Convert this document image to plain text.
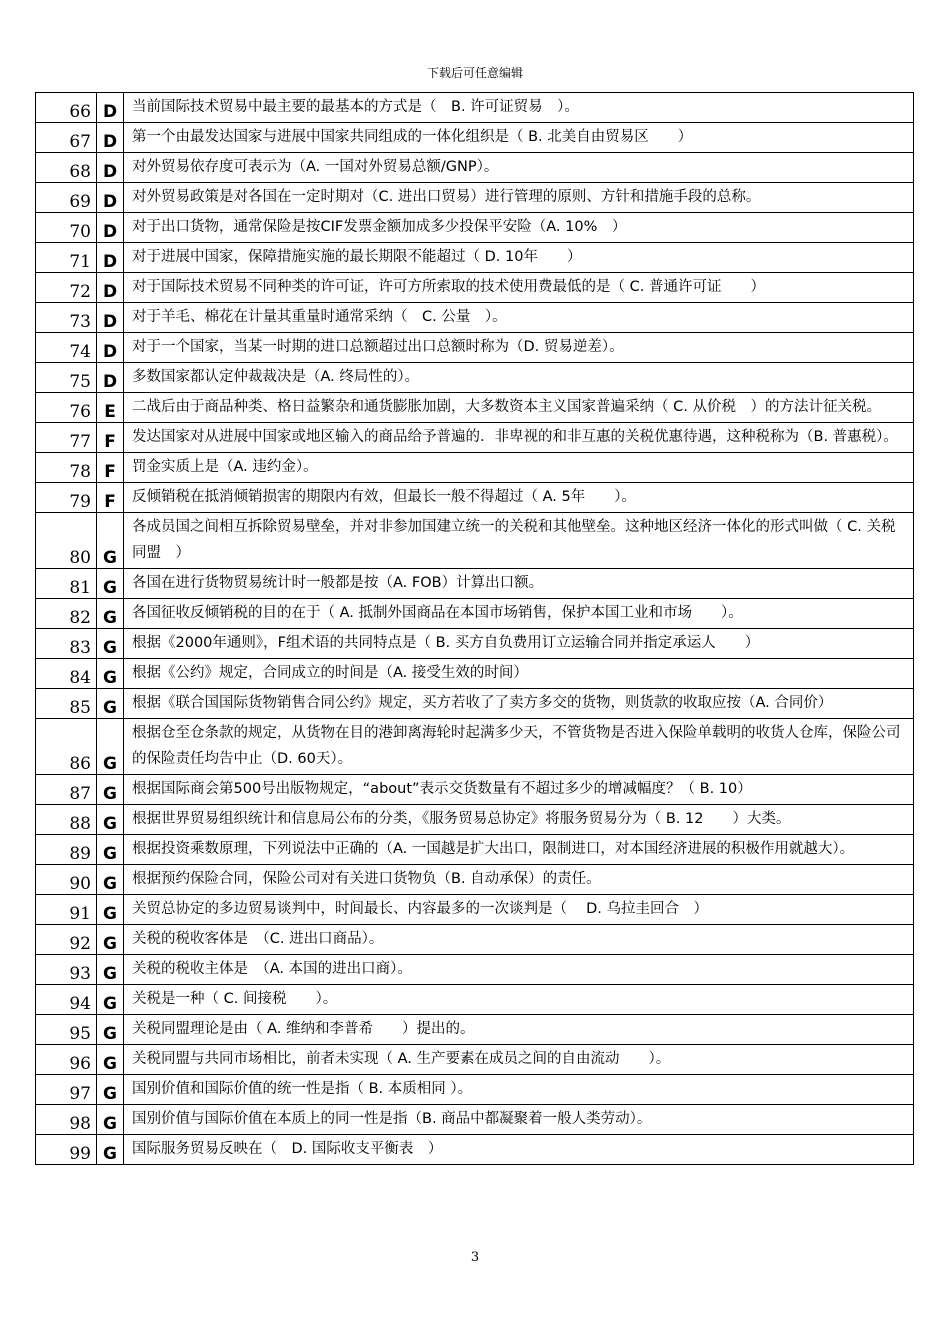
下载后可任意编辑
66	D	当前国际技术贸易中最主要的最基本的方式是（　B. 许可证贸易　）。
67	D	第一个由最发达国家与进展中国家共同组成的一体化组织是（ B. 北美自由贸易区　　）
68	D	对外贸易依存度可表示为（A. 一国对外贸易总额/GNP）。
69	D	对外贸易政策是对各国在一定时期对（C. 进出口贸易）进行管理的原则、方针和措施手段的总称。
70	D	对于出口货物，通常保险是按CIF发票金额加成多少投保平安险（A. 10%　）
71	D	对于进展中国家，保障措施实施的最长期限不能超过（ D. 10年　　）
72	D	对于国际技术贸易不同种类的许可证，许可方所索取的技术使用费最低的是（ C. 普通许可证　　）
73	D	对于羊毛、棉花在计量其重量时通常采纳（　C. 公量　）。
74	D	对于一个国家，当某一时期的进口总额超过出口总额时称为（D. 贸易逆差）。
75	D	多数国家都认定仲裁裁决是（A. 终局性的）。
76	E	二战后由于商品种类、格日益繁杂和通货膨胀加剧，大多数资本主义国家普遍采纳（ C. 从价税　）的方法计征关税。
77	F	发达国家对从进展中国家或地区输入的商品给予普遍的．非卑视的和非互惠的关税优惠待遇，这种税称为（B. 普惠税）。
78	F	罚金实质上是（A. 违约金）。
79	F	反倾销税在抵消倾销损害的期限内有效，但最长一般不得超过（ A. 5年　　）。
80	G	各成员国之间相互拆除贸易壁垒，并对非参加国建立统一的关税和其他壁垒。这种地区经济一体化的形式叫做（ C. 关税同盟　）
81	G	各国在进行货物贸易统计时一般都是按（A. FOB）计算出口额。
82	G	各国征收反倾销税的目的在于（ A. 抵制外国商品在本国市场销售，保护本国工业和市场　　）。
83	G	根据《2000年通则》，F组术语的共同特点是（ B. 买方自负费用订立运输合同并指定承运人　　）
84	G	根据《公约》规定，合同成立的时间是（A. 接受生效的时间）
85	G	根据《联合国国际货物销售合同公约》规定，买方若收了了卖方多交的货物，则货款的收取应按（A. 合同价）
86	G	根据仓至仓条款的规定，从货物在目的港卸离海轮时起满多少天，不管货物是否进入保险单载明的收货人仓库，保险公司的保险责任均告中止（D. 60天）。
87	G	根据国际商会第500号出版物规定，“about”表示交货数量有不超过多少的增减幅度？（ B. 10）
88	G	根据世界贸易组织统计和信息局公布的分类，《服务贸易总协定》将服务贸易分为（ B. 12　　）大类。
89	G	根据投资乘数原理，下列说法中正确的（A. 一国越是扩大出口，限制进口，对本国经济进展的积极作用就越大）。
90	G	根据预约保险合同，保险公司对有关进口货物负（B. 自动承保）的责任。
91	G	关贸总协定的多边贸易谈判中，时间最长、内容最多的一次谈判是（　 D. 乌拉圭回合　）
92	G	关税的税收客体是　（C. 进出口商品）。
93	G	关税的税收主体是　（A. 本国的进出口商）。
94	G	关税是一种（ C. 间接税　　）。
95	G	关税同盟理论是由（ A. 维纳和李普希　　）提出的。
96	G	关税同盟与共同市场相比，前者未实现（ A. 生产要素在成员之间的自由流动　　）。
97	G	国别价值和国际价值的统一性是指（ B. 本质相同 ）。
98	G	国别价值与国际价值在本质上的同一性是指（B. 商品中都凝聚着一般人类劳动）。
99	G	国际服务贸易反映在（　D. 国际收支平衡表　）
3
